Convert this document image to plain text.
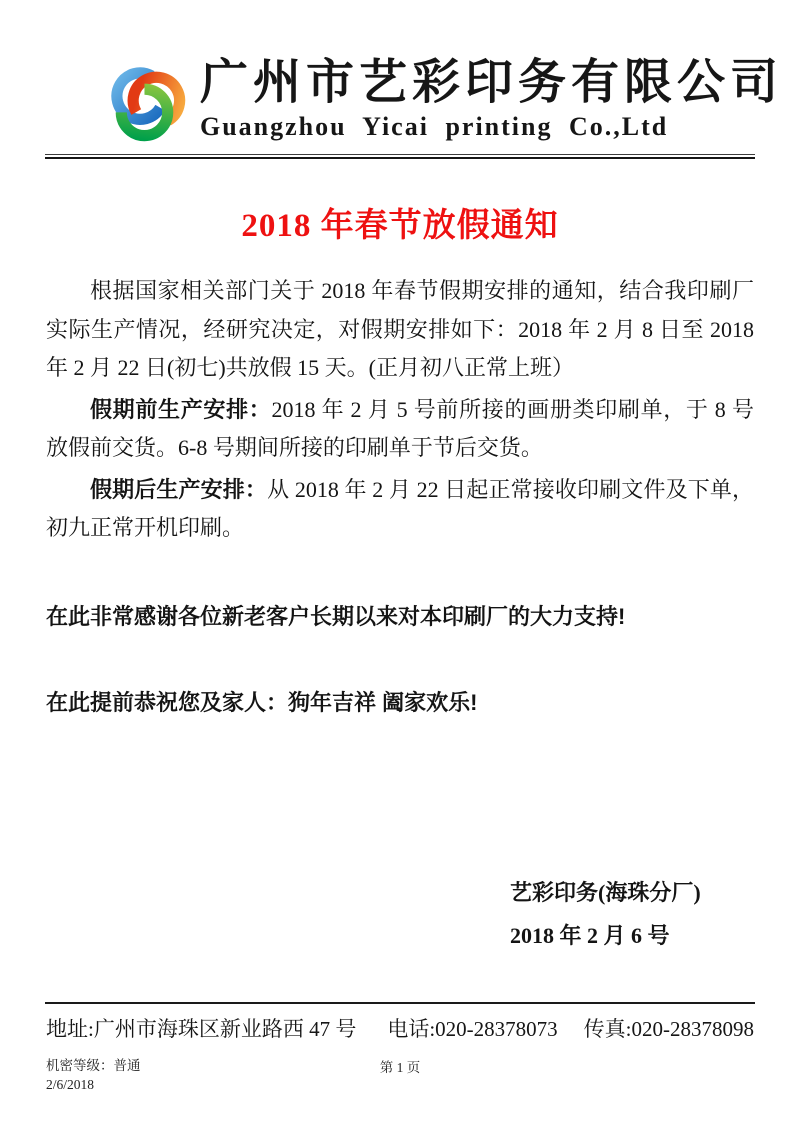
广州市艺彩印务有限公司
Guangzhou Yicai printing Co.,Ltd
2018 年春节放假通知

根据国家相关部门关于 2018 年春节假期安排的通知，结合我印刷厂实际生产情况，经研究决定，对假期安排如下：2018 年 2 月 8 日至 2018 年 2 月 22 日(初七)共放假 15 天。(正月初八正常上班）

假期前生产安排：2018 年 2 月 5 号前所接的画册类印刷单，于 8 号放假前交货。6-8 号期间所接的印刷单于节后交货。

假期后生产安排：从 2018 年 2 月 22 日起正常接收印刷文件及下单，初九正常开机印刷。

在此非常感谢各位新老客户长期以来对本印刷厂的大力支持!

在此提前恭祝您及家人：狗年吉祥 阖家欢乐!

艺彩印务(海珠分厂)
2018 年 2 月 6 号
地址:广州市海珠区新业路西 47 号 电话:020-28378073 传真:020-28378098
机密等级：普通
2/6/2018
第 1 页
